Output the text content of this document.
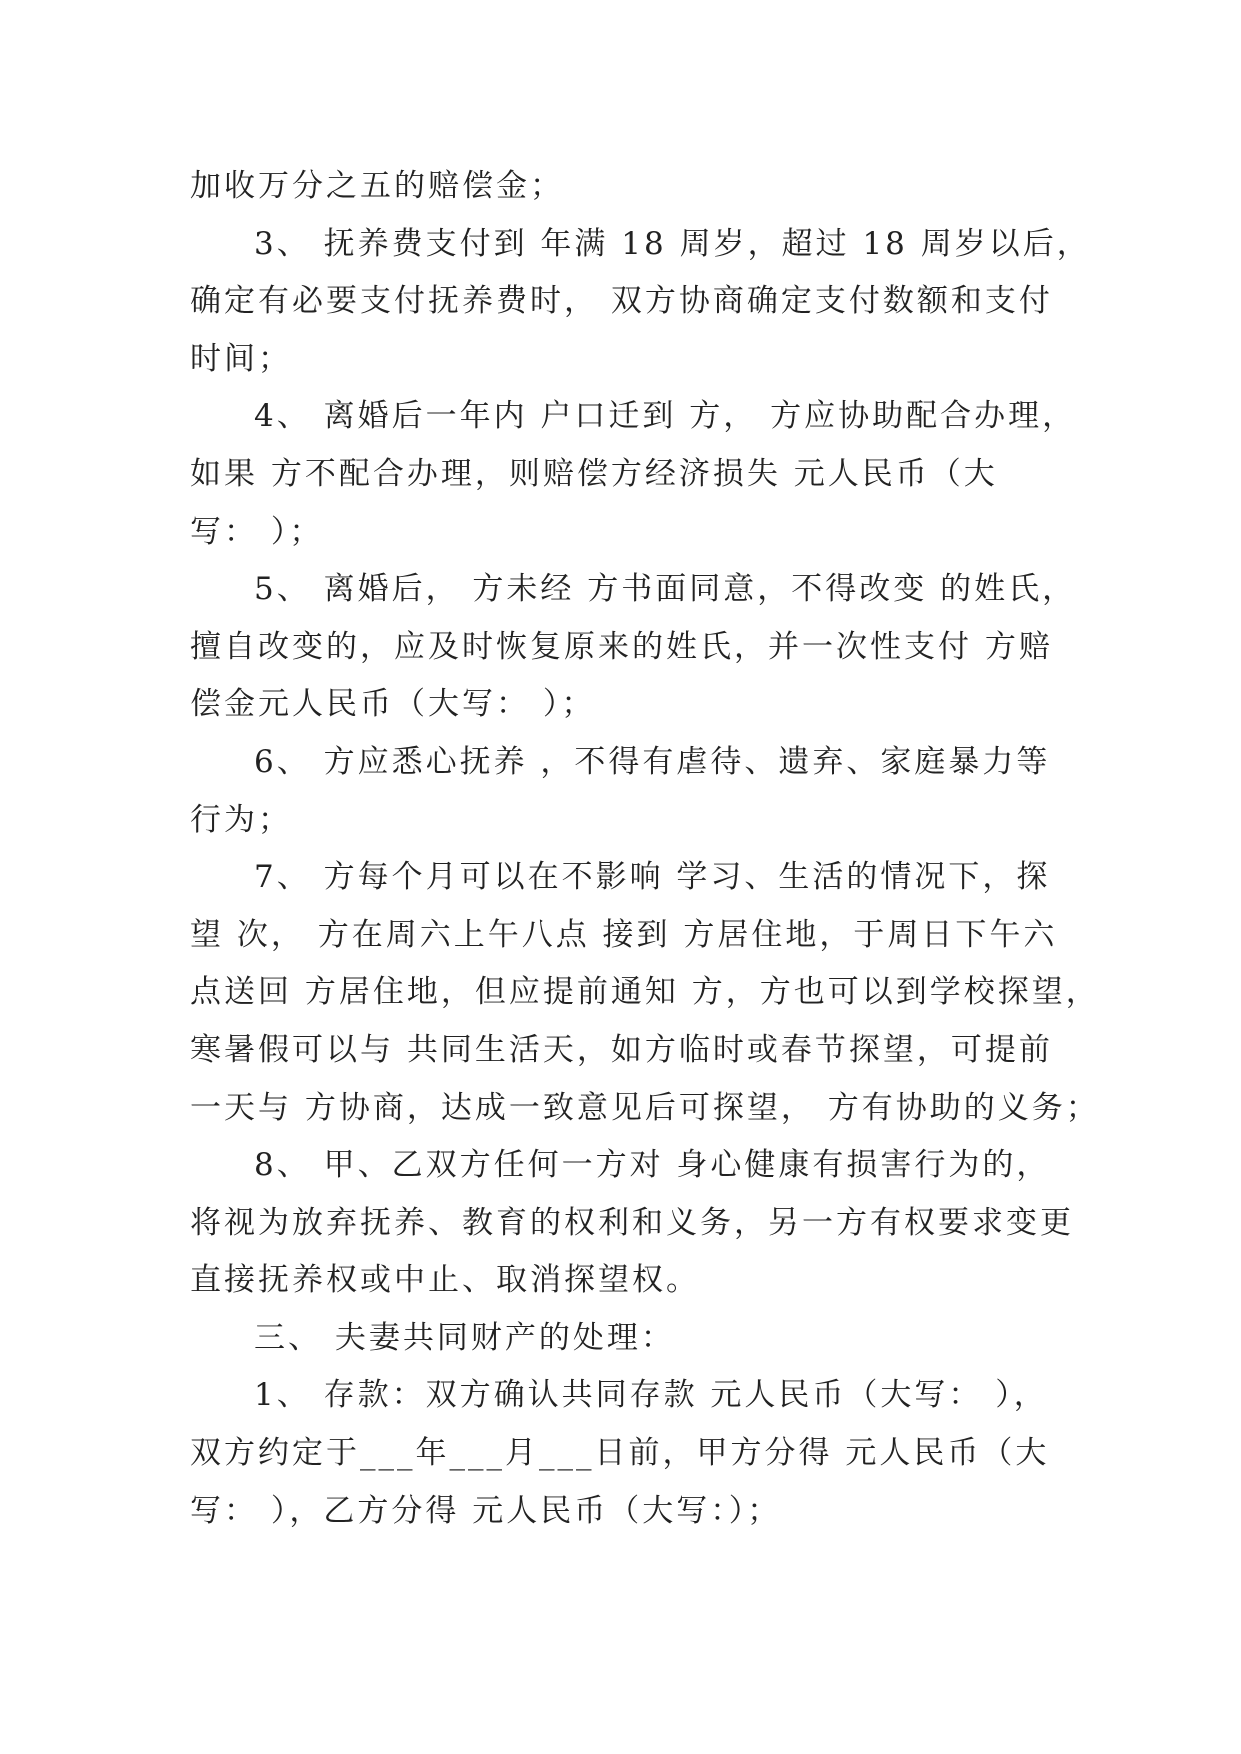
加收万分之五的赔偿金；
3、 抚养费支付到 年满 18 周岁，超过 18 周岁以后，
确定有必要支付抚养费时， 双方协商确定支付数额和支付
时间；
4、 离婚后一年内 户口迁到 方， 方应协助配合办理，
如果 方不配合办理，则赔偿方经济损失 元人民币（大
写： ）；
5、 离婚后， 方未经 方书面同意，不得改变 的姓氏，
擅自改变的，应及时恢复原来的姓氏，并一次性支付 方赔
偿金元人民币（大写： ）；
6、 方应悉心抚养 ，不得有虐待、遗弃、家庭暴力等
行为；
7、 方每个月可以在不影响 学习、生活的情况下，探
望 次， 方在周六上午八点 接到 方居住地，于周日下午六
点送回 方居住地，但应提前通知 方，方也可以到学校探望，
寒暑假可以与 共同生活天，如方临时或春节探望，可提前
一天与 方协商，达成一致意见后可探望， 方有协助的义务；
8、 甲、乙双方任何一方对 身心健康有损害行为的，
将视为放弃抚养、教育的权利和义务，另一方有权要求变更
直接抚养权或中止、取消探望权。
三、 夫妻共同财产的处理：
1、 存款：双方确认共同存款 元人民币（大写： ），
双方约定于___年___月___日前，甲方分得 元人民币（大
写： ），乙方分得 元人民币（大写：）；
